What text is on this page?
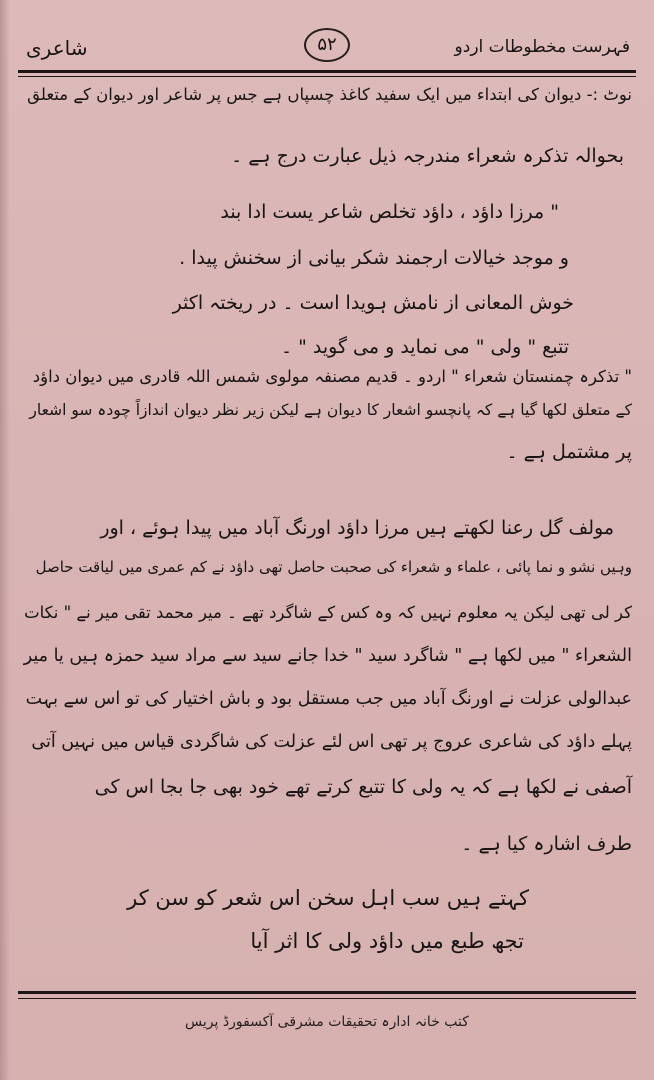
شاعری	۵۲	فہرست مخطوطات اردو
نوٹ :- دیوان کی ابتداء میں ایک سفید کاغذ چسپاں ہے جس پر شاعر اور دیوان کے متعلق
بحوالہ تذکرہ شعراء مندرجہ ذیل عبارت درج ہے ۔
" مرزا داؤد ، داؤد تخلص شاعر یست ادا بند
و موجد خیالات ارجمند شکر بیانی از سخنش پیدا .
خوش المعانی از نامش ہویدا است ۔ در ریختہ اکثر
تتبع " ولی " می نماید و می گوید " ۔
" تذکرہ چمنستان شعراء " اردو ۔ قدیم مصنفہ مولوی شمس اللہ قادری میں دیوان داؤد
کے متعلق لکھا گیا ہے کہ پانچسو اشعار کا دیوان ہے لیکن زیر نظر دیوان اندازاً چودہ سو اشعار
پر مشتمل ہے ۔
مولف گل رعنا لکھتے ہیں مرزا داؤد اورنگ آباد میں پیدا ہوئے ، اور
وہیں نشو و نما پائی ، علماء و شعراء کی صحبت حاصل تھی داؤد نے کم عمری میں لیاقت حاصل
کر لی تھی لیکن یہ معلوم نہیں کہ وہ کس کے شاگرد تھے ۔ میر محمد تقی میر نے " نکات
الشعراء " میں لکھا ہے " شاگرد سید " خدا جانے سید سے مراد سید حمزہ ہیں یا میر
عبدالولی عزلت نے اورنگ آباد میں جب مستقل بود و باش اختیار کی تو اس سے بہت
پہلے داؤد کی شاعری عروج پر تھی اس لئے عزلت کی شاگردی قیاس میں نہیں آتی
آصفی نے لکھا ہے کہ یہ ولی کا تتبع کرتے تھے خود بھی جا بجا اس کی
طرف اشارہ کیا ہے ۔
کہتے ہیں سب اہل سخن اس شعر کو سن کر
تجھ طبع میں داؤد ولی کا اثر آیا
کتب خانہ ادارہ تحقیقات مشرقی آکسفورڈ پریس
